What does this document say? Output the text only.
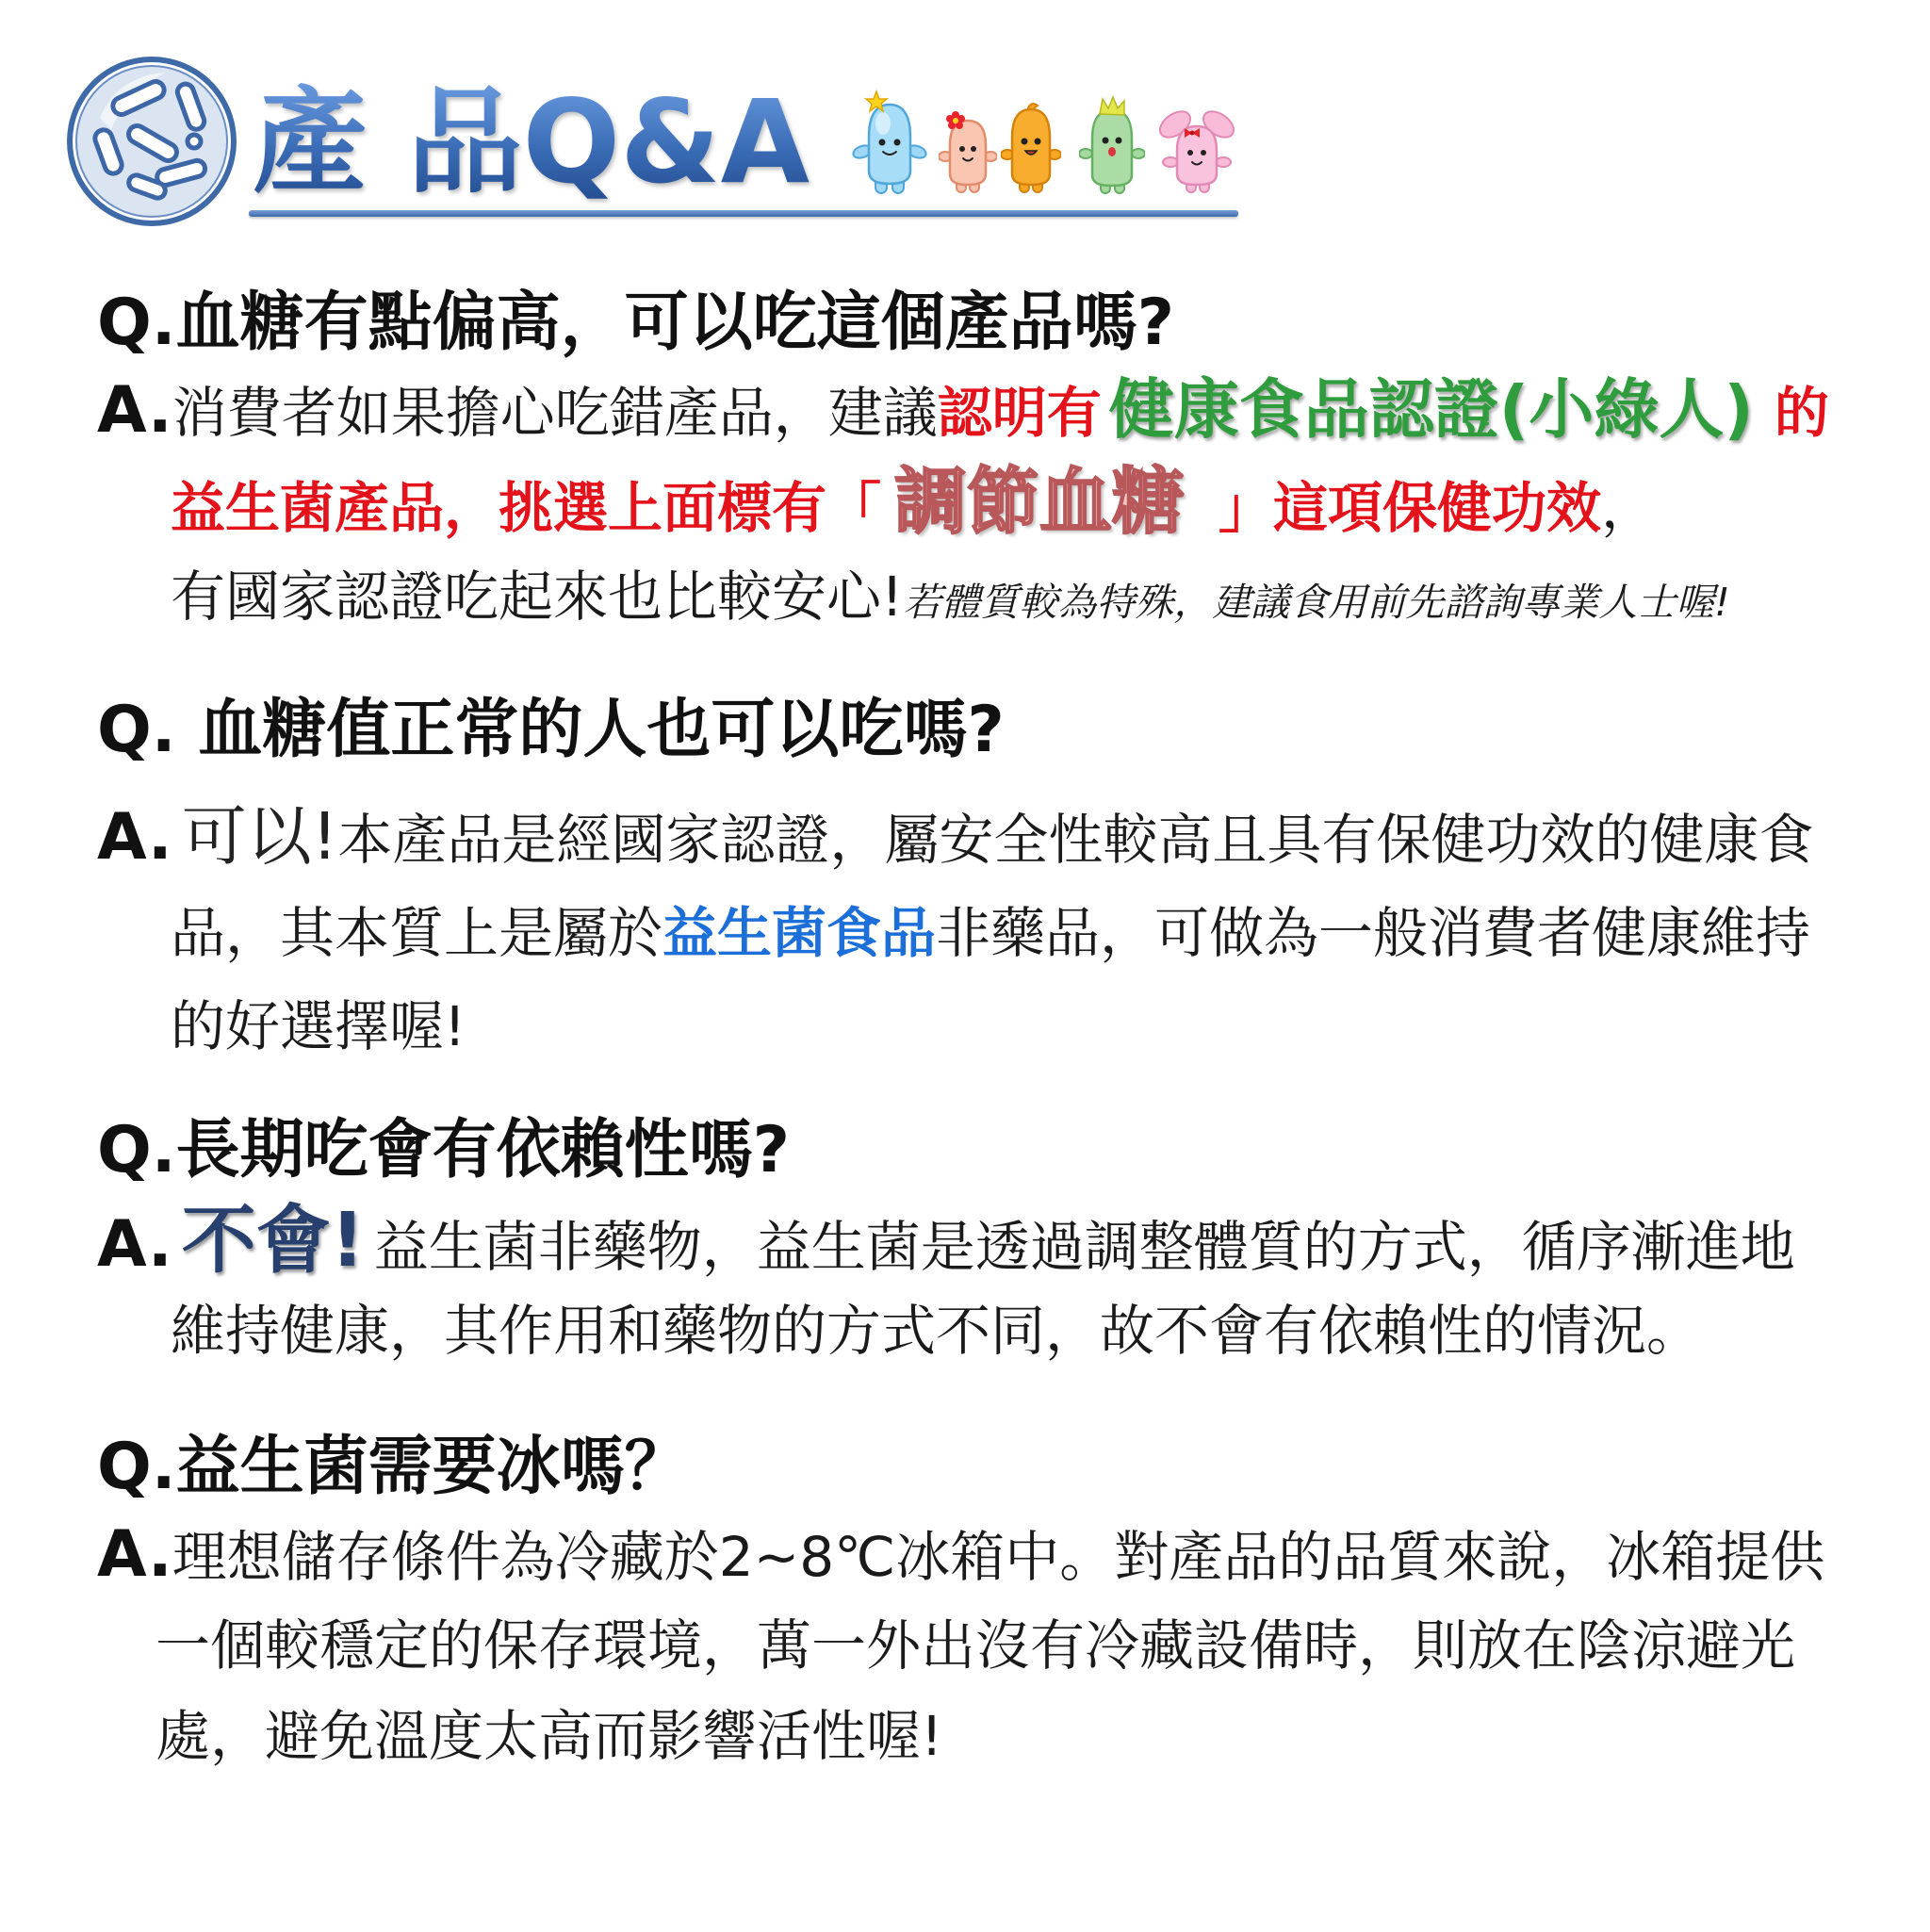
產 品Q&A
Q.血糖有點偏高，可以吃這個產品嗎?
A. 消費者如果擔心吃錯產品，建議 認明有 健康食品認證(小綠人) 的
益生菌產品，挑選上面標有「 調節血糖 」這項保健功效 ，
有國家認證吃起來也比較安心! 若體質較為特殊，建議食用前先諮詢專業人士喔!
Q. 血糖值正常的人也可以吃嗎?
A. 可以! 本產品是經國家認證，屬安全性較高且具有保健功效的健康食
品，其本質上是屬於 益生菌食品 非藥品，可做為一般消費者健康維持
的好選擇喔!
Q.長期吃會有依賴性嗎?
A. 不會! 益生菌非藥物，益生菌是透過調整體質的方式，循序漸進地
維持健康，其作用和藥物的方式不同，故不會有依賴性的情況。
Q.益生菌需要冰嗎？
A. 理想儲存條件為冷藏於2~8℃冰箱中。對產品的品質來說，冰箱提供
一個較穩定的保存環境，萬一外出沒有冷藏設備時，則放在陰涼避光
處，避免溫度太高而影響活性喔!
